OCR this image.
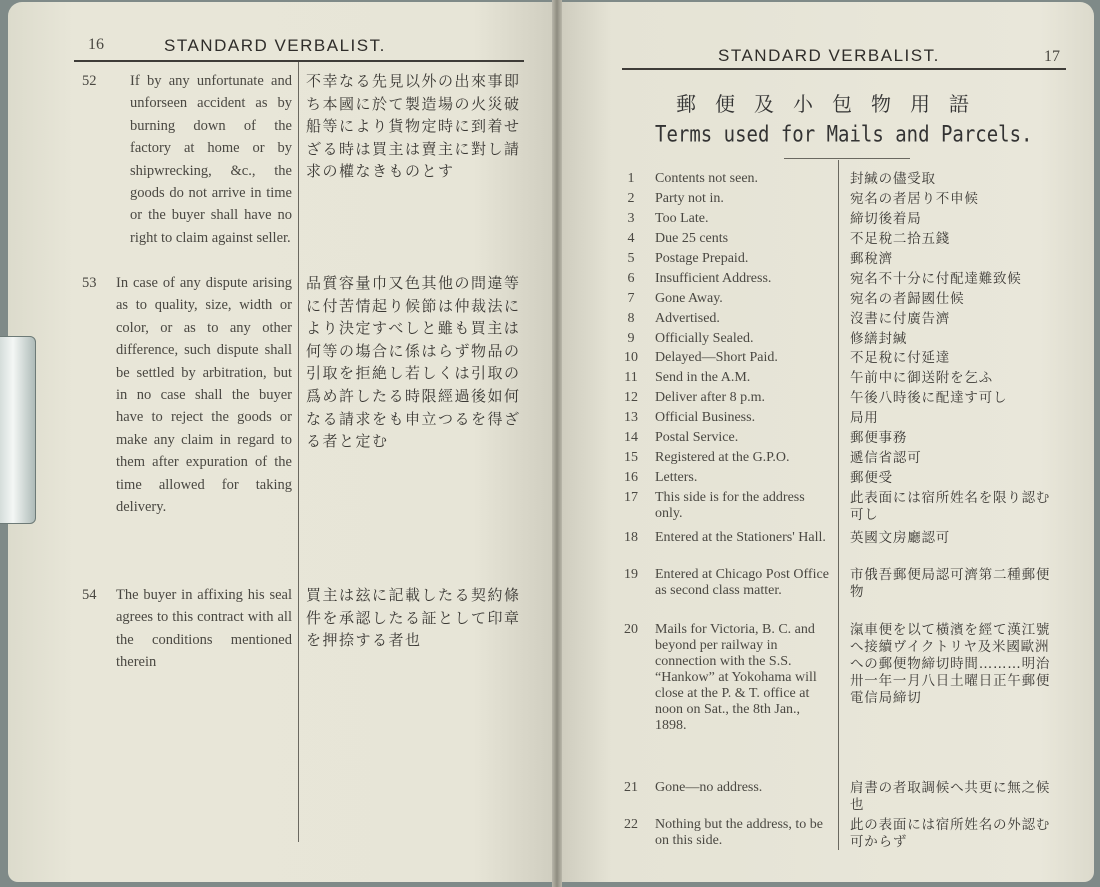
16	STANDARD VERBALIST.
52 If by any unfortunate and unforseen accident as by burning down of the factory at home or by shipwrecking, &c., the goods do not arrive in time or the buyer shall have no right to claim against seller.
不幸なる先見以外の出來事即ち本國に於て製造場の火災破船等により貨物定時に到着せざる時は買主は賣主に對し請求の權なきものとす
53 In case of any dispute arising as to quality, size, width or color, or as to any other difference, such dispute shall be settled by arbitration, but in no case shall the buyer have to reject the goods or make any claim in regard to them after expuration of the time allowed for taking delivery.
品質容量巾又色其他の問違等に付苦情起り候節は仲裁法により決定すべしと雖も買主は何等の塲合に係はらず物品の引取を拒絶し若しくは引取の爲め許したる時限經過後如何なる請求をも申立つるを得ざる者と定む
54 The buyer in affixing his seal agrees to this contract with all the conditions mentioned therein
買主は玆に記載したる契約條件を承認したる証として印章を押捺する者也
STANDARD VERBALIST.	17
郵便及小包物用語
Terms used for Mails and Parcels.
1	Contents not seen.	封緘の儘受取
2	Party not in.	宛名の者居り不申候
3	Too Late.	締切後着局
4	Due 25 cents	不足稅二拾五錢
5	Postage Prepaid.	郵稅濟
6	Insufficient Address.	宛名不十分に付配達難致候
7	Gone Away.	宛名の者歸國仕候
8	Advertised.	沒書に付廣告濟
9	Officially Sealed.	修繕封緘
10 Delayed—Short Paid.	不足稅に付延達
11	Send in the A.M.	午前中に御送附を乞ふ
12 Deliver after 8 p.m.	午後八時後に配達す可し
13 Official Business.	局用
14 Postal Service.	郵便事務
15 Registered at the G.P.O.	遞信省認可
16 Letters.	郵便受
17 This side is for the address only.
此表面には宿所姓名を限り認む可し
18 Entered at the Stationers' Hall.	英國文房廳認可
19 Entered at Chicago Post Office as second class matter.
市俄吾郵便局認可濟第二種郵便物
20 Mails for Victoria, B. C. and beyond per railway in connection with the S.S. “Hankow” at Yokohama will close at the P. & T. office at noon on Sat., the 8th Jan., 1898.
滊車便を以て橫濱を經て漢江號へ接續ヴイクトリヤ及米國歐洲への郵便物締切時間………明治卅一年一月八日土曜日正午郵便電信局締切
21 Gone—no address.	肩書の者取調候へ共更に無之候也
22 Nothing but the address, to be on this side.
此の表面には宿所姓名の外認む可からず
